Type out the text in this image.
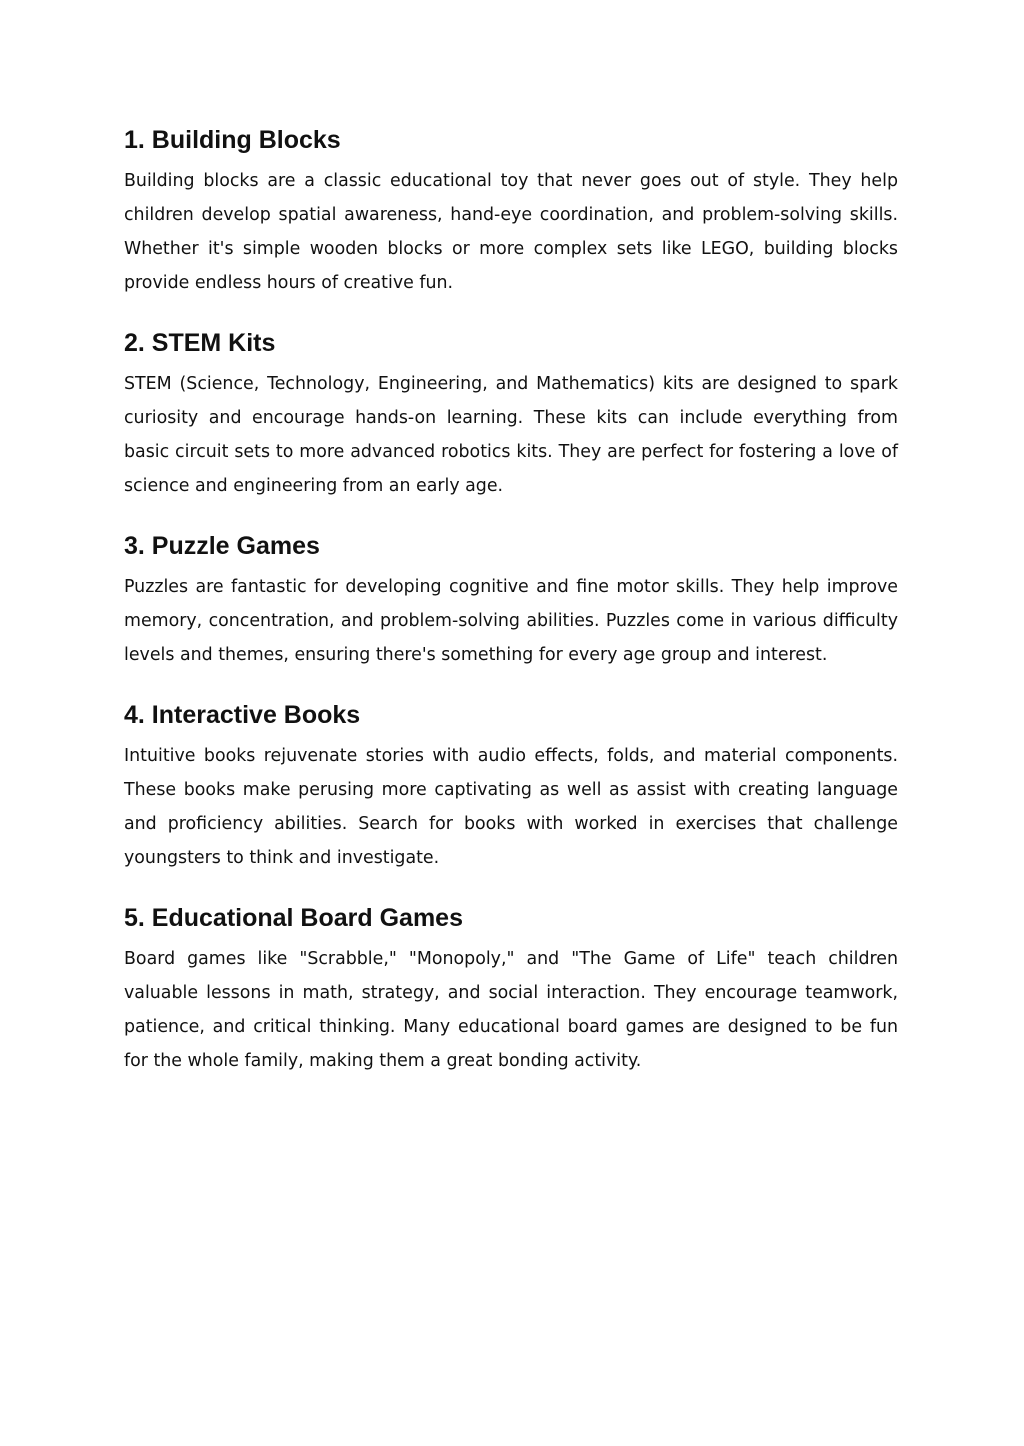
1. Building Blocks

Building blocks are a classic educational toy that never goes out of style. They help children develop spatial awareness, hand-eye coordination, and problem-solving skills. Whether it's simple wooden blocks or more complex sets like LEGO, building blocks provide endless hours of creative fun.

2. STEM Kits

STEM (Science, Technology, Engineering, and Mathematics) kits are designed to spark curiosity and encourage hands-on learning. These kits can include everything from basic circuit sets to more advanced robotics kits. They are perfect for fostering a love of science and engineering from an early age.

3. Puzzle Games

Puzzles are fantastic for developing cognitive and fine motor skills. They help improve memory, concentration, and problem-solving abilities. Puzzles come in various difficulty levels and themes, ensuring there's something for every age group and interest.

4. Interactive Books

Intuitive books rejuvenate stories with audio effects, folds, and material components. These books make perusing more captivating as well as assist with creating language and proficiency abilities. Search for books with worked in exercises that challenge youngsters to think and investigate.

5. Educational Board Games

Board games like "Scrabble," "Monopoly," and "The Game of Life" teach children valuable lessons in math, strategy, and social interaction. They encourage teamwork, patience, and critical thinking. Many educational board games are designed to be fun for the whole family, making them a great bonding activity.
